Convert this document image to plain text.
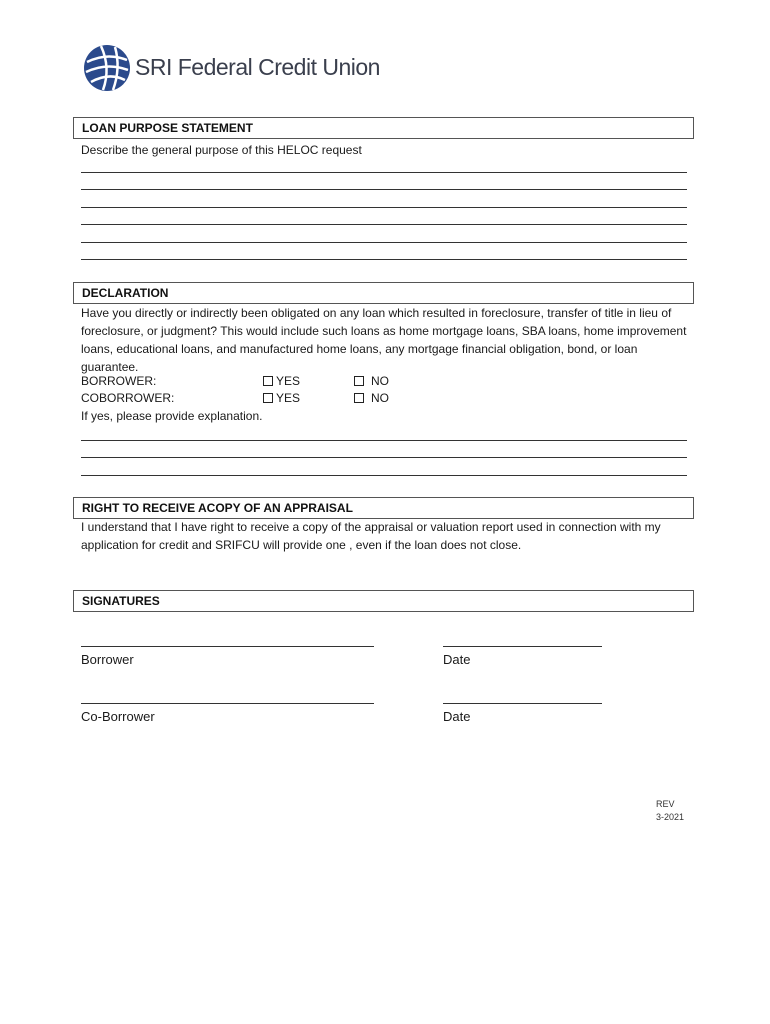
SRI Federal Credit Union
LOAN PURPOSE STATEMENT
Describe the general purpose of this HELOC request
DECLARATION
Have you directly or indirectly been obligated on any loan which resulted in foreclosure, transfer of title in lieu of foreclosure, or judgment? This would include such loans as home mortgage loans, SBA loans, home improvement loans, educational loans, and manufactured home loans, any mortgage financial obligation, bond, or loan guarantee.
BORROWER:	YES	NO
COBORROWER:	YES	NO
If yes, please provide explanation.
RIGHT TO RECEIVE ACOPY OF AN APPRAISAL
I understand that I have right to receive a copy of the appraisal or valuation report used in connection with my application for credit and SRIFCU will provide one , even if the loan does not close.
SIGNATURES
Borrower	Date
Co-Borrower	Date
REV
3-2021
